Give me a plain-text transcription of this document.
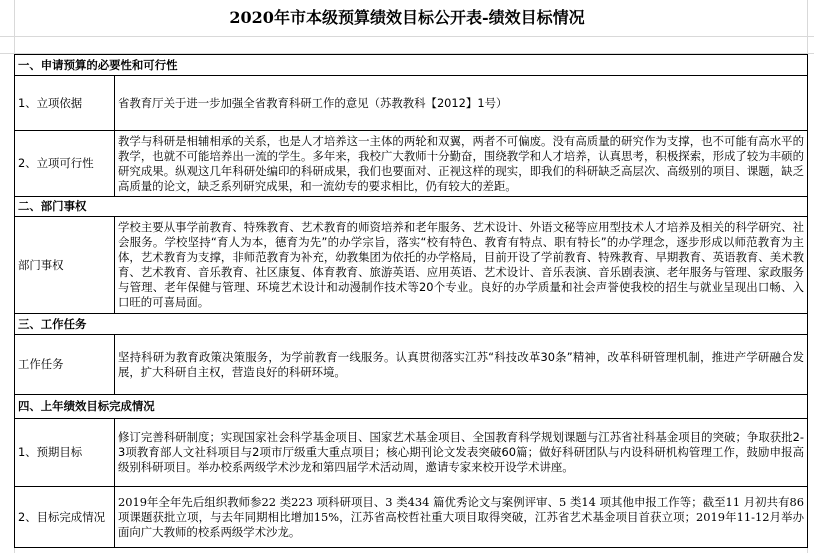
2020年市本级预算绩效目标公开表-绩效目标情况
一、申请预算的必要性和可行性	
1、立项依据	省教育厅关于进一步加强全省教育科研工作的意见（苏教教科【2012】1号）
2、立项可行性	教学与科研是相辅相承的关系，也是人才培养这一主体的两轮和双翼，两者不可偏废。没有高质量的研究作为支撑，也不可能有高水平的教学，也就不可能培养出一流的学生。多年来，我校广大教师十分勤奋，围绕教学和人才培养，认真思考，积极探索，形成了较为丰硕的研究成果。纵观这几年科研处编印的科研成果，我们也要面对、正视这样的现实，即我们的科研缺乏高层次、高级别的项目、课题，缺乏高质量的论文，缺乏系列研究成果，和一流幼专的要求相比，仍有较大的差距。
二、部门事权	
部门事权	学校主要从事学前教育、特殊教育、艺术教育的师资培养和老年服务、艺术设计、外语文秘等应用型技术人才培养及相关的科学研究、社会服务。学校坚持“育人为本，德育为先”的办学宗旨，落实“校有特色、教育有特点、职有特长”的办学理念，逐步形成以师范教育为主体，艺术教育为支撑，非师范教育为补充，幼教集团为依托的办学格局，目前开设了学前教育、特殊教育、早期教育、英语教育、美术教育、艺术教育、音乐教育、社区康复、体育教育、旅游英语、应用英语、艺术设计、音乐表演、音乐剧表演、老年服务与管理、家政服务与管理、老年保健与管理、环境艺术设计和动漫制作技术等20个专业。良好的办学质量和社会声誉使我校的招生与就业呈现出口畅、入口旺的可喜局面。
三、工作任务	
工作任务	坚持科研为教育政策决策服务，为学前教育一线服务。认真贯彻落实江苏“科技改革30条”精神，改革科研管理机制，推进产学研融合发展，扩大科研自主权，营造良好的科研环境。
四、上年绩效目标完成情况	
1、预期目标	修订完善科研制度；实现国家社会科学基金项目、国家艺术基金项目、全国教育科学规划课题与江苏省社科基金项目的突破；争取获批2-3项教育部人文社科项目与2项市厅级重大重点项目；核心期刊论文发表突破60篇；做好科研团队与内设科研机构管理工作，鼓励申报高级别科研项目。举办校系两级学术沙龙和第四届学术活动周，邀请专家来校开设学术讲座。
2、目标完成情况	2019年全年先后组织教师参22 类223 项科研项目、3 类434 篇优秀论文与案例评审、5 类14 项其他申报工作等；截至11 月初共有86 项课题获批立项，与去年同期相比增加15%，江苏省高校哲社重大项目取得突破，江苏省艺术基金项目首获立项；2019年11-12月举办面向广大教师的校系两级学术沙龙。
